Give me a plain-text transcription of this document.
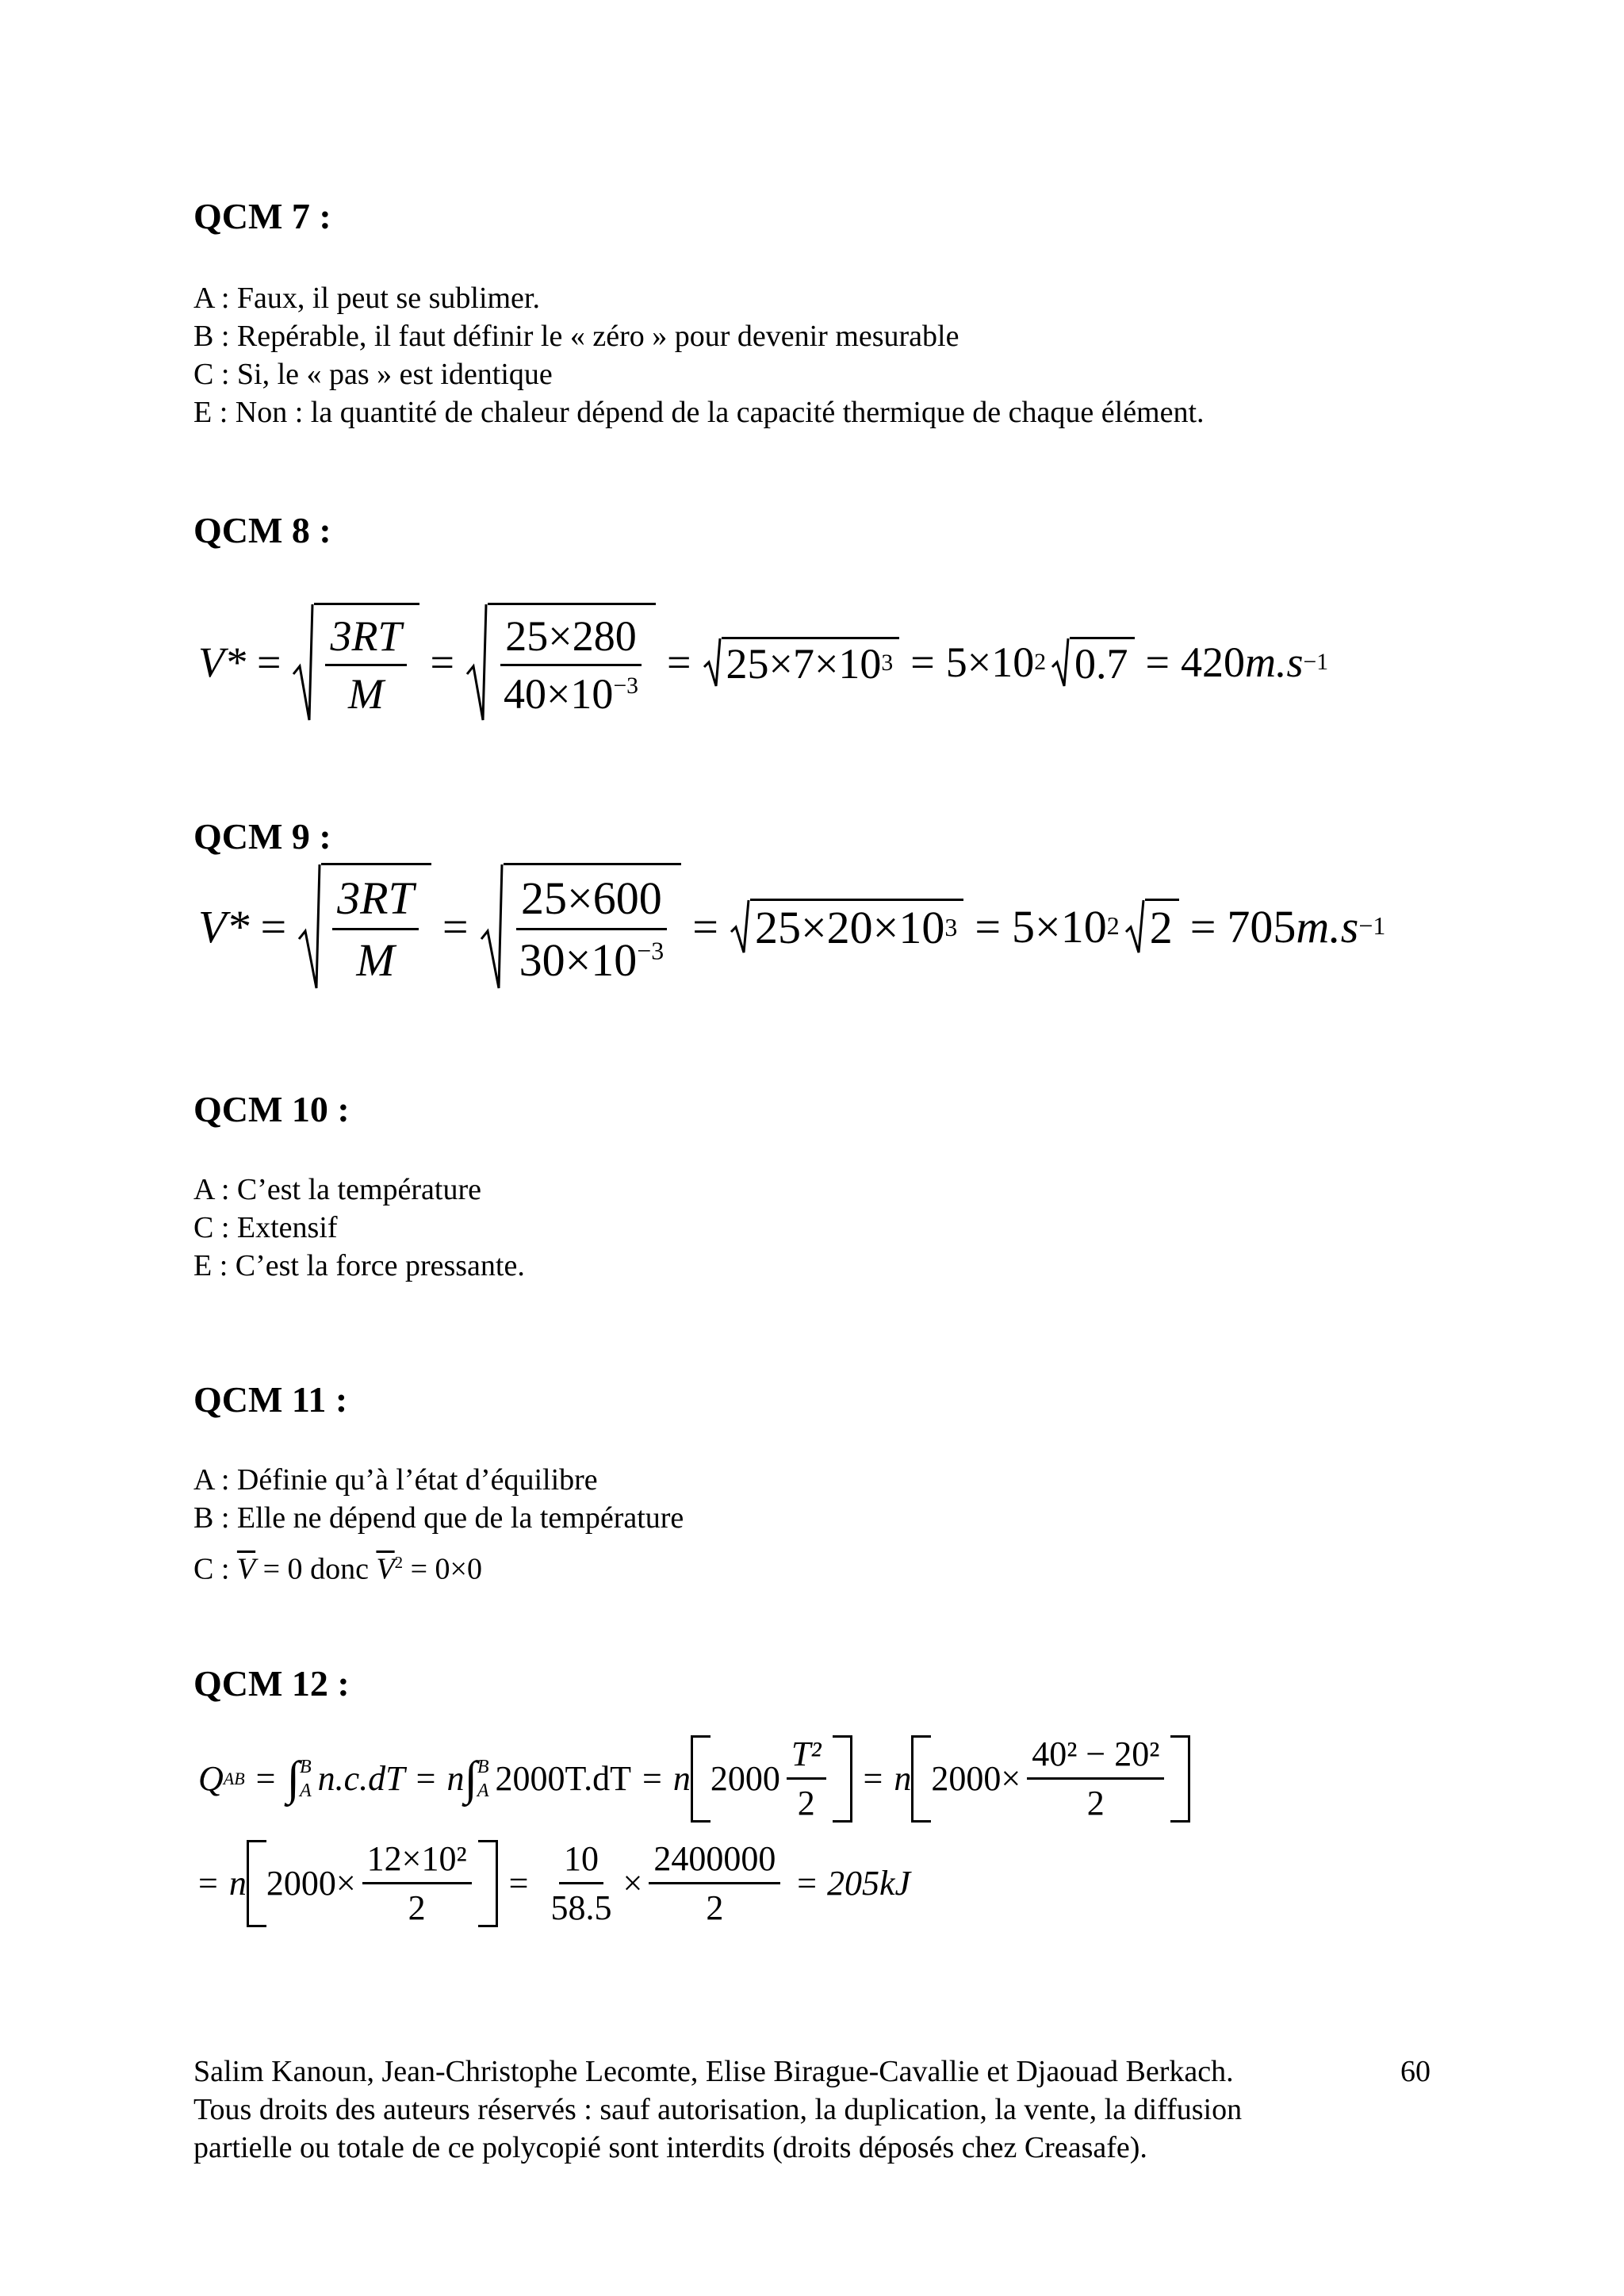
QCM 7 :
A : Faux, il peut se sublimer.
B : Repérable, il faut définir le « zéro » pour devenir mesurable
C : Si, le « pas » est identique
E : Non : la quantité de chaleur dépend de la capacité thermique de chaque élément.
QCM 8 :
$V* = \frac{3RT}{M} = \frac{25\times 280}{40\times 10^{-3}} = 25\times 7\times 10$ 3 = 5×10 2 0.7 = 420 m.s −1
QCM 9 :
$V* = \frac{3RT}{M} = \frac{25\times 600}{30\times 10^{-3}} = 25\times 20\times 10$ 3 = 5×10 2 2 = 705 m.s −1
QCM 10 :
A : C’est la température
C : Extensif
E : C’est la force pressante.
QCM 11 :
A : Définie qu’à l’état d’équilibre
B : Elle ne dépend que de la température
C : $\overline{V} = 0$ donc $\overline{V}^2 = 0\times 0$
QCM 12 :
Q AB = ∫ B
A n.c.dT = n ∫ B
A 2000T.dT = n $2000 \frac{\text{T²}}{2} = n$ $2000\times \frac{\text{40² − 20²}}{2}$
= n $2000\times \frac{\text{12×10²}}{2} = \frac{10}{58.5} \times \frac{2400000}{2} = 205kJ$
Salim Kanoun, Jean-Christophe Lecomte, Elise Birague-Cavallie et Djaouad Berkach.
Tous droits des auteurs réservés : sauf autorisation, la duplication, la vente, la diffusion
partielle ou totale de ce polycopié sont interdits (droits déposés chez Creasafe).
60
